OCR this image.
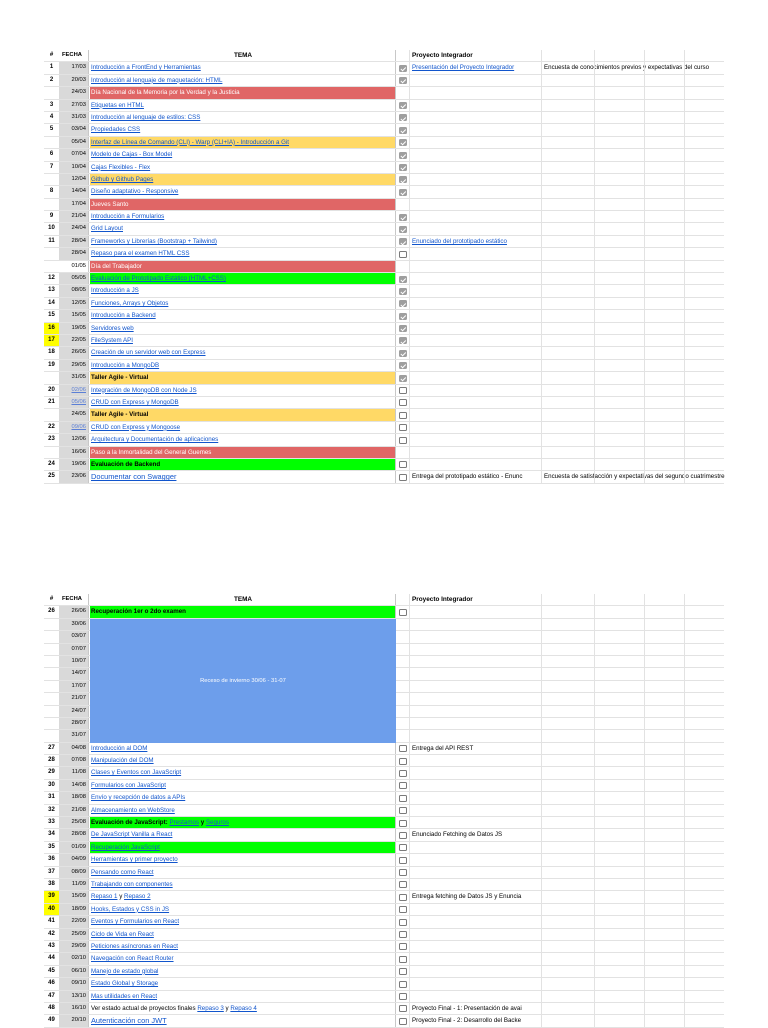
#	FECHA	TEMA	Proyecto Integrador
1	17/03 Introducción a FrontEnd y Herramientas	Presentación del Proyecto Integrador	Encuesta de conocimientos previos y expectativas del curso
2	20/03 Introducción al lenguaje de maquetación: HTML
24/03 Día Nacional de la Memoria por la Verdad y la Justicia
3	27/03 Etiquetas en HTML
4	31/03 Introducción al lenguaje de estilos: CSS
5	03/04 Propiedades CSS
05/04 Interfaz de Línea de Comando (CLI) - Warp (CLI+IA) - Introducción a Git
6	07/04 Modelo de Cajas - Box Model
7	10/04 Cajas Flexibles - Flex
12/04 Github y Github Pages
8	14/04 Diseño adaptativo - Responsive
17/04 Jueves Santo
9	21/04 Introducción a Formularios
10	24/04 Grid Layout
11	28/04 Frameworks y Librerías (Bootstrap + Tailwind)	Enunciado del prototipado estático
28/04 Repaso para el examen HTML CSS
01/05 Día del Trabajador
12	05/05 Evaluación de Prototipado Estático (HTML+CSS)
13	08/05 Introducción a JS
14	12/05 Funciones, Arrays y Objetos
15	15/05 Introducción a Backend
16	19/05 Servidores web
17	22/05 FileSystem API
18	26/05 Creación de un servidor web con Express
19	29/05 Introducción a MongoDB
31/05 Taller Agile - Virtual
20	02/06 Integración de MongoDB con Node JS
21	05/06 CRUD con Express y MongoDB
24/05 Taller Agile - Virtual
22	09/06 CRUD con Express y Mongoose
23	12/06 Arquitectura y Documentación de aplicaciones
16/06 Paso a la Inmortalidad del General Guemes
24	19/06 Evaluación de Backend
25	23/06 Documentar con Swagger	Entrega del prototipado estático - Enunc	Encuesta de satisfacción y expectativas del segundo cuatrimestre
#	FECHA	TEMA	Proyecto Integrador
26	26/06 Recuperación 1er o 2do examen
30/06
03/07
07/07
10/07
14/07
17/07
21/07
24/07
28/07
31/07
Receso de invierno 30/06 - 31-07
27	04/08 Introducción al DOM	Entrega del API REST
28	07/08 Manipulación del DOM
29	11/08 Clases y Eventos con JavaScript
30	14/08 Formularios con JavaScript
31	18/08 Envío y recepción de datos a APIs
32	21/08 Almacenamiento en WebStore
33	25/08 Evaluación de JavaScript: Prestamos y Seguros
34	28/08 De JavaScript Vanilla a React	Enunciado Fetching de Datos JS
35	01/09 Recuperación JavaScript
36	04/09 Herramientas y primer proyecto
37	08/09 Pensando como React
38	11/09 Trabajando con componentes
39	15/09 Repaso 1 y Repaso 2	Entrega fetching de Datos JS y Enuncia
40	18/09 Hooks, Estados y CSS in JS
41	22/09 Eventos y Formularios en React
42	25/09 Ciclo de Vida en React
43	29/09 Peticiones asíncronas en React
44	02/10 Navegación con React Router
45	06/10 Manejo de estado global
46	09/10 Estado Global y Storage
47	13/10 Mas utilidades en React
48	16/10 Ver estado actual de proyectos finales Repaso 3 y Repaso 4	Proyecto Final - 1: Presentación de avai
49	20/10 Autenticación con JWT	Proyecto Final - 2: Desarrollo del Backe
